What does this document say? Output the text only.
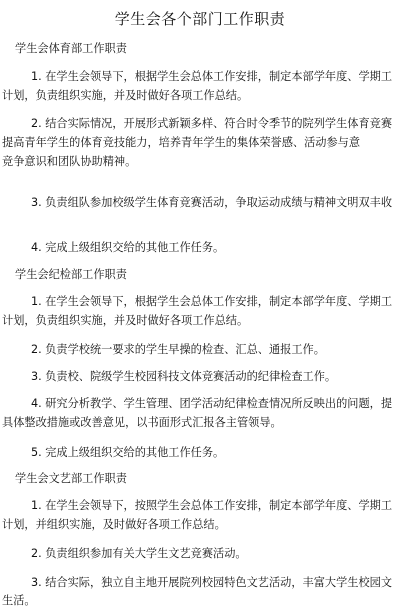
学生会各个部门工作职责
学生会体育部工作职责
1. 在学生会领导下，根据学生会总体工作安排，制定本部学年度、学期工
计划，负责组织实施，并及时做好各项工作总结。
2. 结合实际情况，开展形式新颖多样、符合时令季节的院列学生体育竞赛
提高青年学生的体育竞技能力，培养青年学生的集体荣誉感、活动参与意
竞争意识和团队协助精神。
3. 负责组队参加校级学生体育竞赛活动，争取运动成绩与精神文明双丰收
4. 完成上级组织交给的其他工作任务。
学生会纪检部工作职责
1. 在学生会领导下，根据学生会总体工作安排，制定本部学年度、学期工
计划，负责组织实施，并及时做好各项工作总结。
2. 负责学校统一要求的学生早操的检查、汇总、通报工作。
3. 负责校、院级学生校园科技文体竞赛活动的纪律检查工作。
4. 研究分析教学、学生管理、团学活动纪律检查情况所反映出的问题，提
具体整改措施或改善意见，以书面形式汇报各主管领导。
5. 完成上级组织交给的其他工作任务。
学生会文艺部工作职责
1. 在学生会领导下，按照学生会总体工作安排，制定本部学年度、学期工
计划，并组织实施，及时做好各项工作总结。
2. 负责组织参加有关大学生文艺竞赛活动。
3. 结合实际，独立自主地开展院列校园特色文艺活动，丰富大学生校园文
生活。
